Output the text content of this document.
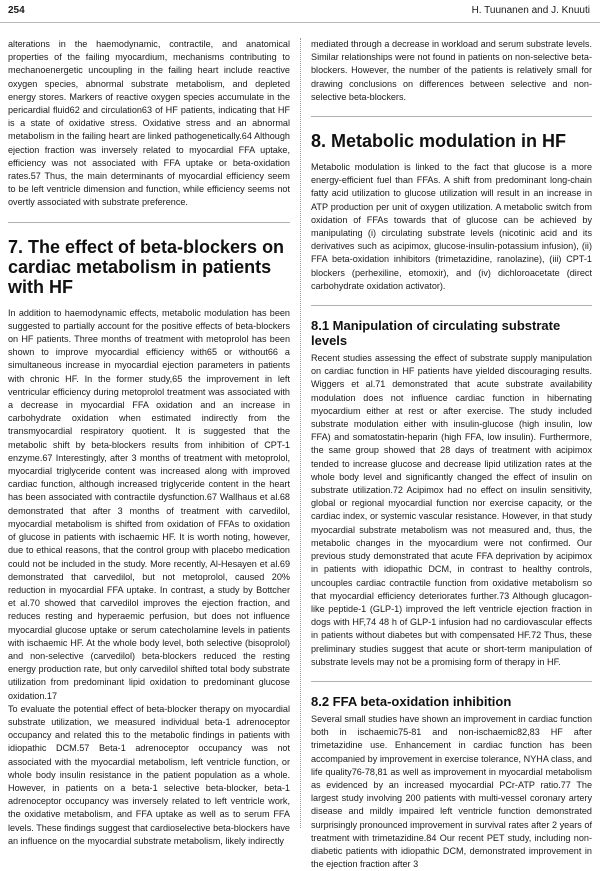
254	H. Tuunanen and J. Knuuti

alterations in the haemodynamic, contractile, and anatomical properties of the failing myocardium, mechanisms contributing to mechanoenergetic uncoupling in the failing heart include reactive oxygen species, abnormal substrate metabolism, and depleted energy stores. Markers of reactive oxygen species accumulate in the pericardial fluid62 and circulation63 of HF patients, indicating that HF is a state of oxidative stress. Oxidative stress and an abnormal metabolism in the failing heart are linked pathogenetically.64 Although ejection fraction was inversely related to myocardial FFA uptake, efficiency was not associated with FFA uptake or beta-oxidation rates.57 Thus, the main determinants of myocardial efficiency seem to be left ventricle dimension and function, while efficiency seems not overtly associated with substrate preference.

7. The effect of beta-blockers on cardiac metabolism in patients with HF

In addition to haemodynamic effects, metabolic modulation has been suggested to partially account for the positive effects of beta-blockers on HF patients. Three months of treatment with metoprolol has been shown to improve myocardial efficiency with65 or without66 a simultaneous increase in myocardial ejection parameters in patients with chronic HF. In the former study,65 the improvement in left ventricular efficiency during metoprolol treatment was associated with a decrease in myocardial FFA oxidation and an increase in carbohydrate oxidation when estimated indirectly from the transmyocardial respiratory quotient. It is suggested that the metabolic shift by beta-blockers results from inhibition of CPT-1 enzyme.67 Interestingly, after 3 months of treatment with metoprolol, myocardial triglyceride content was increased along with improved cardiac function, although increased triglyceride content in the heart has been associated with contractile dysfunction.67 Wallhaus et al.68 demonstrated that after 3 months of treatment with carvedilol, myocardial metabolism is shifted from oxidation of FFAs to oxidation of glucose in patients with ischaemic HF. It is worth noting, however, due to ethical reasons, that the control group with placebo medication could not be included in the study. More recently, Al-Hesayen et al.69 demonstrated that carvedilol, but not metoprolol, caused 20% reduction in myocardial FFA uptake. In contrast, a study by Bottcher et al.70 showed that carvedilol improves the ejection fraction, and reduces resting and hyperaemic perfusion, but does not influence myocardial glucose uptake or serum catecholamine levels in patients with ischaemic HF. At the whole body level, both selective (bisoprolol) and non-selective (carvedilol) beta-blockers reduced the resting energy production rate, but only carvedilol shifted total body substrate utilization from predominant lipid oxidation to predominant glucose oxidation.17

To evaluate the potential effect of beta-blocker therapy on myocardial substrate utilization, we measured individual beta-1 adrenoceptor occupancy and related this to the metabolic findings in patients with idiopathic DCM.57 Beta-1 adrenoceptor occupancy was not associated with the myocardial metabolism, left ventricle function, or whole body insulin resistance in the patient population as a whole. However, in patients on a beta-1 selective beta-blocker, beta-1 adrenoceptor occupancy was inversely related to left ventricle work, the oxidative metabolism, and FFA uptake as well as to serum FFA levels. These findings suggest that cardioselective beta-blockers have an influence on the myocardial substrate metabolism, likely indirectly

mediated through a decrease in workload and serum substrate levels. Similar relationships were not found in patients on non-selective beta-blockers. However, the number of the patients is relatively small for drawing conclusions on differences between selective and non-selective beta-blockers.

8. Metabolic modulation in HF

Metabolic modulation is linked to the fact that glucose is a more energy-efficient fuel than FFAs. A shift from predominant long-chain fatty acid utilization to glucose utilization will result in an increase in ATP production per unit of oxygen utilization. A metabolic switch from oxidation of FFAs towards that of glucose can be achieved by manipulating (i) circulating substrate levels (nicotinic acid and its derivatives such as acipimox, glucose-insulin-potassium infusion), (ii) FFA beta-oxidation inhibitors (trimetazidine, ranolazine), (iii) CPT-1 blockers (perhexiline, etomoxir), and (iv) dichloroacetate (direct carbohydrate oxidation activator).

8.1 Manipulation of circulating substrate levels

Recent studies assessing the effect of substrate supply manipulation on cardiac function in HF patients have yielded discouraging results. Wiggers et al.71 demonstrated that acute substrate availability modulation does not influence cardiac function in hibernating myocardium either at rest or after exercise. The study included substrate modulation either with insulin-glucose (high insulin, low FFA) and somatostatin-heparin (high FFA, low insulin). Furthermore, the same group showed that 28 days of treatment with acipimox tended to increase glucose and decrease lipid utilization rates at the whole body level and significantly changed the effect of insulin on substrate utilization.72 Acipimox had no effect on insulin sensitivity, global or regional myocardial function nor exercise capacity, or the cardiac index, or systemic vascular resistance. However, in that study myocardial substrate metabolism was not measured and, thus, the metabolic changes in the myocardium were not confirmed. Our previous study demonstrated that acute FFA deprivation by acipimox in patients with idiopathic DCM, in contrast to healthy controls, uncouples cardiac contractile function from oxidative metabolism so that myocardial efficiency deteriorates further.73 Although glucagon-like peptide-1 (GLP-1) improved the left ventricle ejection fraction in dogs with HF,74 48 h of GLP-1 infusion had no cardiovascular effects in patients without diabetes but with compensated HF.72 Thus, these preliminary studies suggest that acute or short-term manipulation of substrate levels may not be a promising form of therapy in HF.

8.2 FFA beta-oxidation inhibition

Several small studies have shown an improvement in cardiac function both in ischaemic75-81 and non-ischaemic82,83 HF after trimetazidine use. Enhancement in cardiac function has been accompanied by improvement in exercise tolerance, NYHA class, and life quality76-78,81 as well as improvement in myocardial metabolism as evidenced by an increased myocardial PCr-ATP ratio.77 The largest study involving 200 patients with multi-vessel coronary artery disease and mildly impaired left ventricle function demonstrated surprisingly pronounced improvement in survival rates after 2 years of treatment with trimetazidine.84 Our recent PET study, including non-diabetic patients with idiopathic DCM, demonstrated improvement in the ejection fraction after 3
